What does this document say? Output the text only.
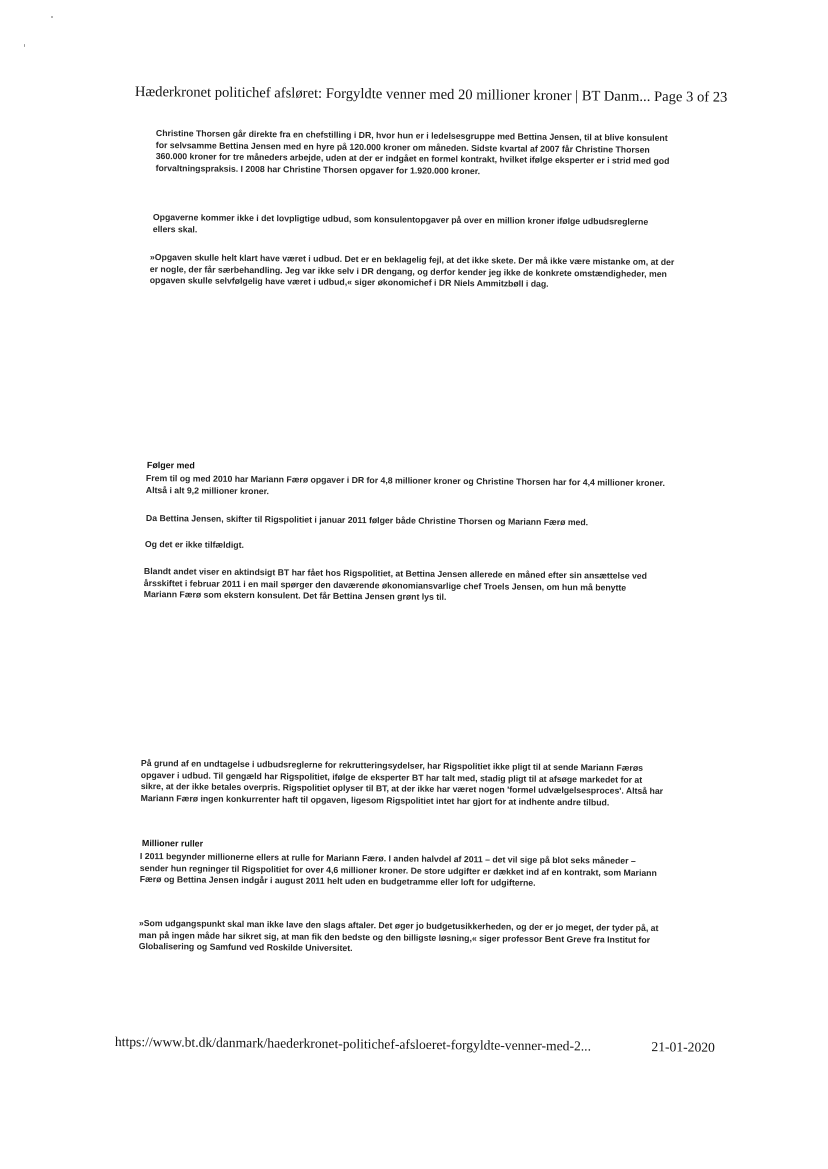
Hæderkronet politichef afsløret: Forgyldte venner med 20 millioner kroner | BT Danm... Page 3 of 23

Christine Thorsen går direkte fra en chefstilling i DR, hvor hun er i ledelsesgruppe med Bettina Jensen, til at blive konsulent for selvsamme Bettina Jensen med en hyre på 120.000 kroner om måneden. Sidste kvartal af 2007 får Christine Thorsen 360.000 kroner for tre måneders arbejde, uden at der er indgået en formel kontrakt, hvilket ifølge eksperter er i strid med god forvaltningspraksis. I 2008 har Christine Thorsen opgaver for 1.920.000 kroner.

Opgaverne kommer ikke i det lovpligtige udbud, som konsulentopgaver på over en million kroner ifølge udbudsreglerne ellers skal.

»Opgaven skulle helt klart have været i udbud. Det er en beklagelig fejl, at det ikke skete. Der må ikke være mistanke om, at der er nogle, der får særbehandling. Jeg var ikke selv i DR dengang, og derfor kender jeg ikke de konkrete omstændigheder, men opgaven skulle selvfølgelig have været i udbud,« siger økonomichef i DR Niels Ammitzbøll i dag.

Følger med

Frem til og med 2010 har Mariann Færø opgaver i DR for 4,8 millioner kroner og Christine Thorsen har for 4,4 millioner kroner. Altså i alt 9,2 millioner kroner.

Da Bettina Jensen, skifter til Rigspolitiet i januar 2011 følger både Christine Thorsen og Mariann Færø med.

Og det er ikke tilfældigt.

Blandt andet viser en aktindsigt BT har fået hos Rigspolitiet, at Bettina Jensen allerede en måned efter sin ansættelse ved årsskiftet i februar 2011 i en mail spørger den daværende økonomiansvarlige chef Troels Jensen, om hun må benytte Mariann Færø som ekstern konsulent. Det får Bettina Jensen grønt lys til.

På grund af en undtagelse i udbudsreglerne for rekrutteringsydelser, har Rigspolitiet ikke pligt til at sende Mariann Færøs opgaver i udbud. Til gengæld har Rigspolitiet, ifølge de eksperter BT har talt med, stadig pligt til at afsøge markedet for at sikre, at der ikke betales overpris. Rigspolitiet oplyser til BT, at der ikke har været nogen 'formel udvælgelsesproces'. Altså har Mariann Færø ingen konkurrenter haft til opgaven, ligesom Rigspolitiet intet har gjort for at indhente andre tilbud.

Millioner ruller

I 2011 begynder millionerne ellers at rulle for Mariann Færø. I anden halvdel af 2011 – det vil sige på blot seks måneder – sender hun regninger til Rigspolitiet for over 4,6 millioner kroner. De store udgifter er dækket ind af en kontrakt, som Mariann Færø og Bettina Jensen indgår i august 2011 helt uden en budgetramme eller loft for udgifterne.

»Som udgangspunkt skal man ikke lave den slags aftaler. Det øger jo budgetusikkerheden, og der er jo meget, der tyder på, at man på ingen måde har sikret sig, at man fik den bedste og den billigste løsning,« siger professor Bent Greve fra Institut for Globalisering og Samfund ved Roskilde Universitet.

https://www.bt.dk/danmark/haederkronet-politichef-afsloeret-forgyldte-venner-med-2...	21-01-2020
